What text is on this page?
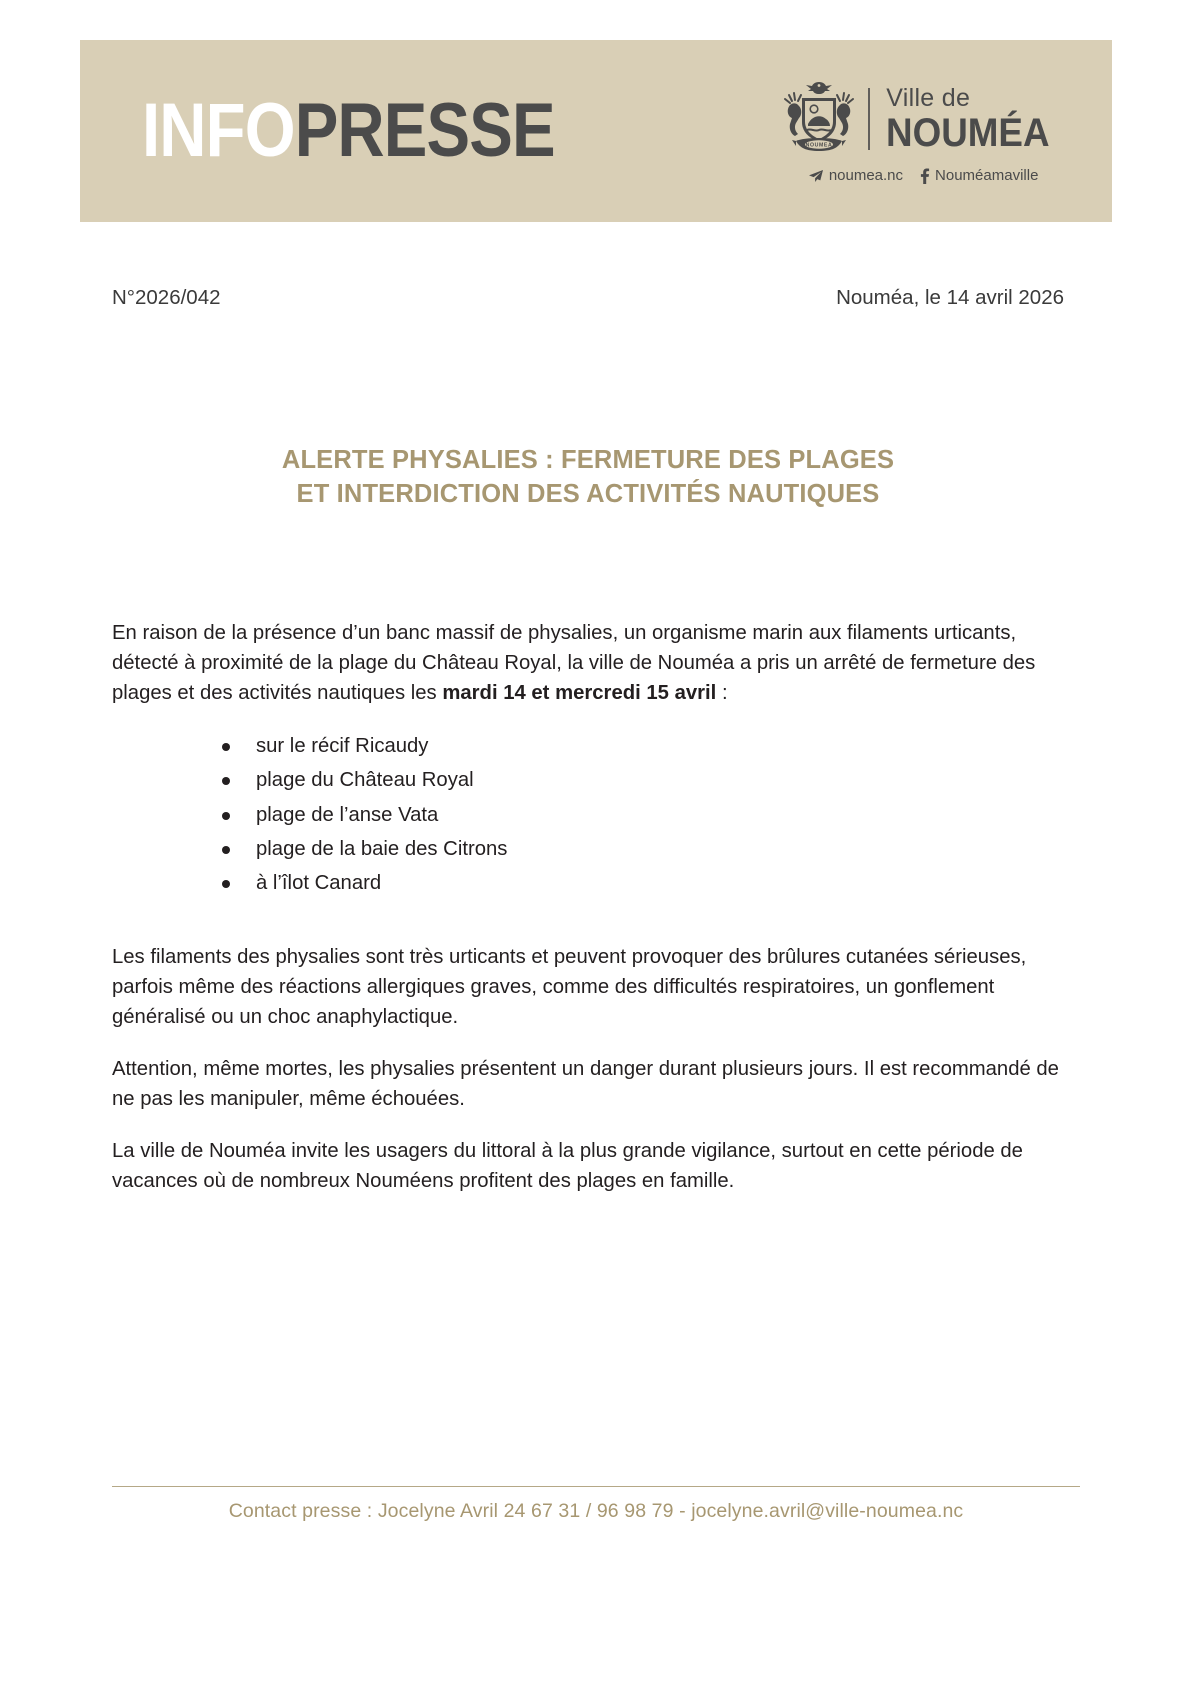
INFOPRESSE	NOUMEA
Ville de
NOUMÉA
noumea.nc Nouméamaville
N°2026/042	Nouméa, le 14 avril 2026
ALERTE PHYSALIES : FERMETURE DES PLAGES
ET INTERDICTION DES ACTIVITÉS NAUTIQUES

En raison de la présence d’un banc massif de physalies, un organisme marin aux filaments urticants, détecté à proximité de la plage du Château Royal, la ville de Nouméa a pris un arrêté de fermeture des plages et des activités nautiques les mardi 14 et mercredi 15 avril :

sur le récif Ricaudy
plage du Château Royal
plage de l’anse Vata
plage de la baie des Citrons
à l’îlot Canard

Les filaments des physalies sont très urticants et peuvent provoquer des brûlures cutanées sérieuses, parfois même des réactions allergiques graves, comme des difficultés respiratoires, un gonflement généralisé ou un choc anaphylactique.

Attention, même mortes, les physalies présentent un danger durant plusieurs jours. Il est recommandé de ne pas les manipuler, même échouées.

La ville de Nouméa invite les usagers du littoral à la plus grande vigilance, surtout en cette période de vacances où de nombreux Nouméens profitent des plages en famille.

Contact presse : Jocelyne Avril 24 67 31 / 96 98 79 - jocelyne.avril@ville-noumea.nc
